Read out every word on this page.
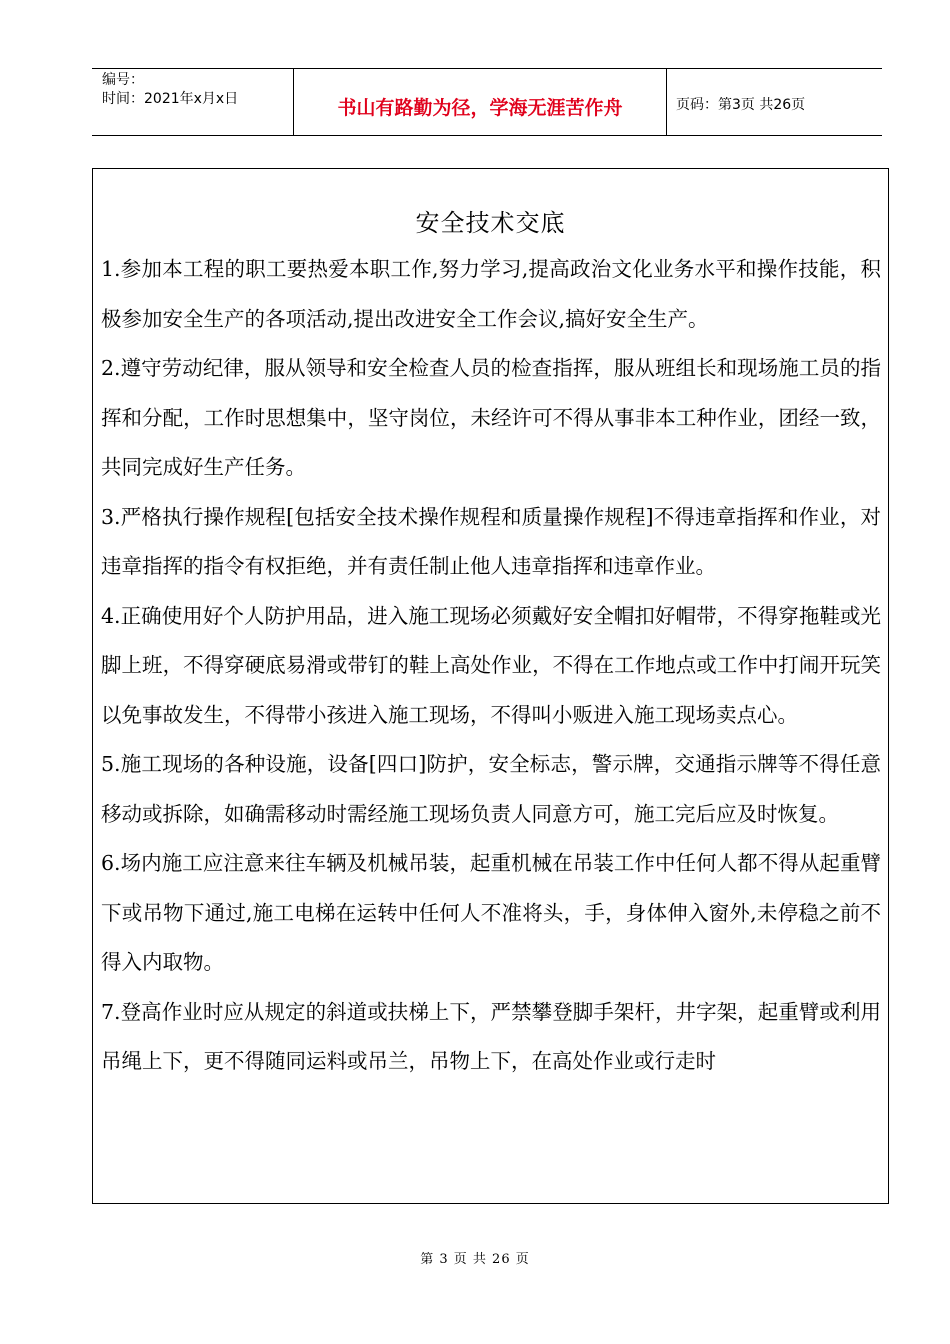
编号：
时间：2021年x月x日	书山有路勤为径，学海无涯苦作舟	页码：第3页 共26页
安全技术交底

1.参加本工程的职工要热爱本职工作,努力学习,提高政治文化业务水平和操作技能，积极参加安全生产的各项活动,提出改进安全工作会议,搞好安全生产。

2.遵守劳动纪律，服从领导和安全检查人员的检查指挥，服从班组长和现场施工员的指挥和分配，工作时思想集中，坚守岗位，未经许可不得从事非本工种作业，团经一致，共同完成好生产任务。

3.严格执行操作规程[包括安全技术操作规程和质量操作规程]不得违章指挥和作业，对违章指挥的指令有权拒绝，并有责任制止他人违章指挥和违章作业。

4.正确使用好个人防护用品，进入施工现场必须戴好安全帽扣好帽带，不得穿拖鞋或光脚上班，不得穿硬底易滑或带钉的鞋上高处作业，不得在工作地点或工作中打闹开玩笑以免事故发生，不得带小孩进入施工现场，不得叫小贩进入施工现场卖点心。

5.施工现场的各种设施，设备[四口]防护，安全标志，警示牌，交通指示牌等不得任意移动或拆除，如确需移动时需经施工现场负责人同意方可，施工完后应及时恢复。

6.场内施工应注意来往车辆及机械吊装，起重机械在吊装工作中任何人都不得从起重臂下或吊物下通过,施工电梯在运转中任何人不准将头，手，身体伸入窗外,未停稳之前不得入内取物。

7.登高作业时应从规定的斜道或扶梯上下，严禁攀登脚手架杆，井字架，起重臂或利用吊绳上下，更不得随同运料或吊兰，吊物上下，在高处作业或行走时

第 3 页 共 26 页
